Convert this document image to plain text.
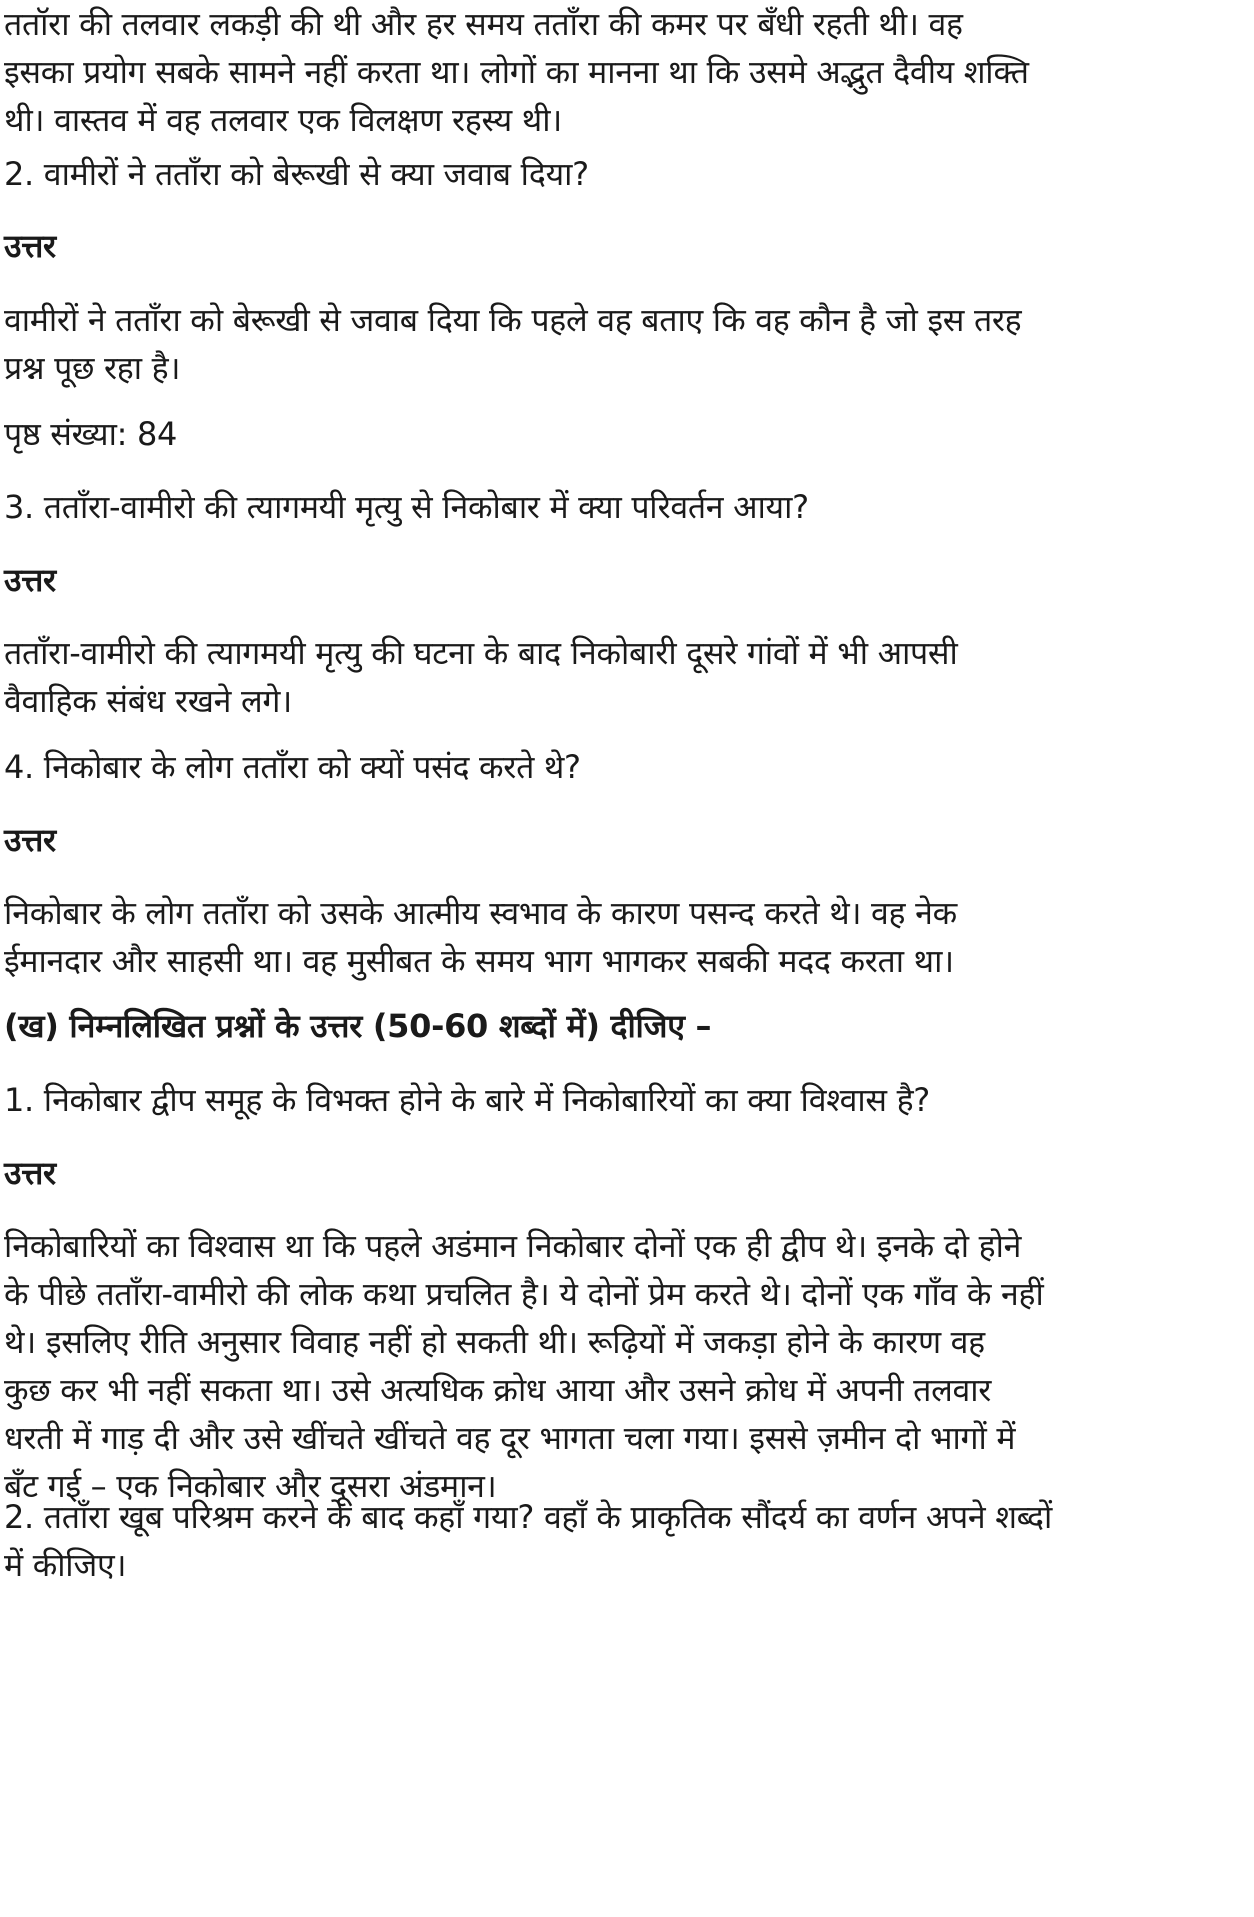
ततॉरा की तलवार लकड़ी की थी और हर समय तताँरा की कमर पर बँधी रहती थी। वह
इसका प्रयोग सबके सामने नहीं करता था। लोगों का मानना था कि उसमे अद्भुत दैवीय शक्ति
थी। वास्तव में वह तलवार एक विलक्षण रहस्य थी।

2. वामीरों ने तताँरा को बेरूखी से क्या जवाब दिया?

उत्तर

वामीरों ने तताँरा को बेरूखी से जवाब दिया कि पहले वह बताए कि वह कौन है जो इस तरह
प्रश्न पूछ रहा है।

पृष्ठ संख्या: 84

3. तताँरा-वामीरो की त्यागमयी मृत्यु से निकोबार में क्या परिवर्तन आया?

उत्तर

तताँरा-वामीरो की त्यागमयी मृत्यु की घटना के बाद निकोबारी दूसरे गांवों में भी आपसी
वैवाहिक संबंध रखने लगे।

4. निकोबार के लोग तताँरा को क्यों पसंद करते थे?

उत्तर

निकोबार के लोग तताँरा को उसके आत्मीय स्वभाव के कारण पसन्द करते थे। वह नेक
ईमानदार और साहसी था। वह मुसीबत के समय भाग भागकर सबकी मदद करता था।

(ख) निम्नलिखित प्रश्नों के उत्तर (50-60 शब्दों में) दीजिए –

1. निकोबार द्वीप समूह के विभक्त होने के बारे में निकोबारियों का क्या विश्वास है?

उत्तर

निकोबारियों का विश्वास था कि पहले अडंमान निकोबार दोनों एक ही द्वीप थे। इनके दो होने
के पीछे तताँरा-वामीरो की लोक कथा प्रचलित है। ये दोनों प्रेम करते थे। दोनों एक गाँव के नहीं
थे। इसलिए रीति अनुसार विवाह नहीं हो सकती थी। रूढ़ियों में जकड़ा होने के कारण वह
कुछ कर भी नहीं सकता था। उसे अत्यधिक क्रोध आया और उसने क्रोध में अपनी तलवार
धरती में गाड़ दी और उसे खींचते खींचते वह दूर भागता चला गया। इससे ज़मीन दो भागों में
बँट गई – एक निकोबार और दूसरा अंडमान।

2. तताँरा खूब परिश्रम करने के बाद कहाँ गया? वहाँ के प्राकृतिक सौंदर्य का वर्णन अपने शब्दों
में कीजिए।
